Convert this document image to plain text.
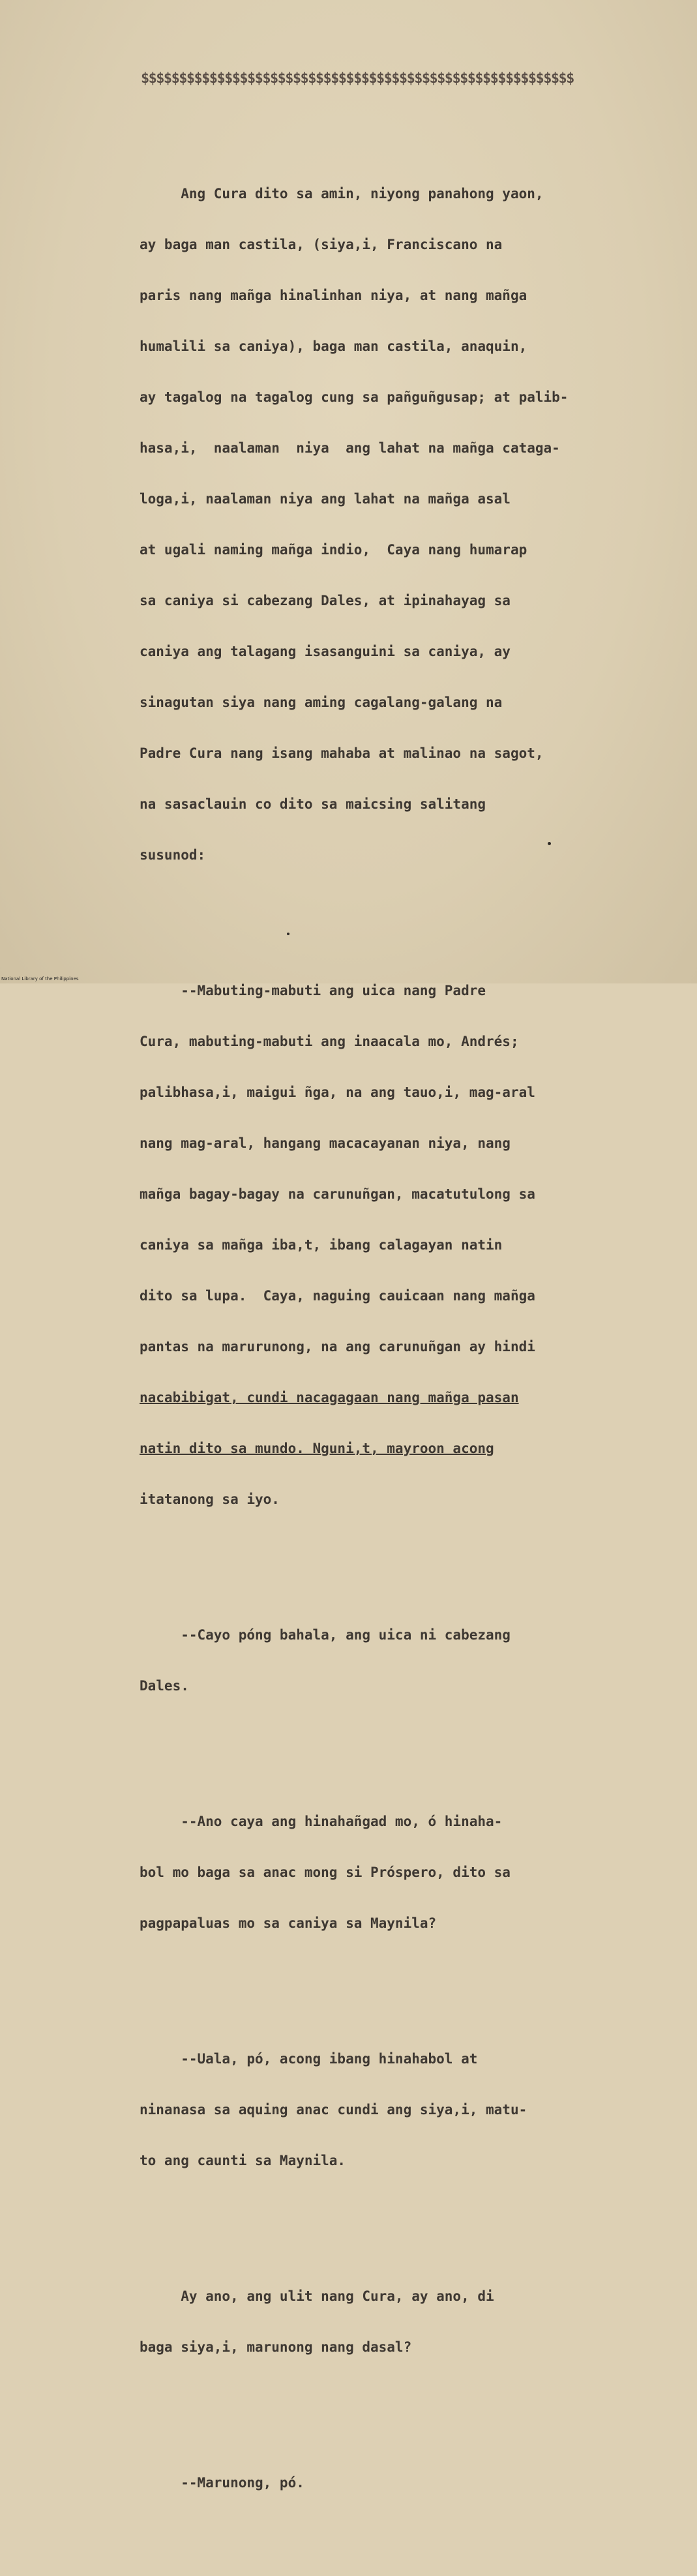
$$$$$$$$$$$$$$$$$$$$$$$$$$$$$$$$$$$$$$$$$$$$$$$$$$$$$$$$$

Ang Cura dito sa amin, niyong panahong yaon,

ay baga man castila, (siya,i, Franciscano na

paris nang mañga hinalinhan niya, at nang mañga

humalili sa caniya), baga man castila, anaquin,

ay tagalog na tagalog cung sa pañguñgusap; at palib-

hasa,i,  naalaman  niya  ang lahat na mañga cataga-

loga,i, naalaman niya ang lahat na mañga asal

at ugali naming mañga indio,  Caya nang humarap

sa caniya si cabezang Dales, at ipinahayag sa

caniya ang talagang isasanguini sa caniya, ay

sinagutan siya nang aming cagalang-galang na

Padre Cura nang isang mahaba at malinao na sagot,

na sasaclauin co dito sa maicsing salitang

susunod:

--Mabuting-mabuti ang uica nang Padre

Cura, mabuting-mabuti ang inaacala mo, Andrés;

palibhasa,i, maigui ñga, na ang tauo,i, mag-aral

nang mag-aral, hangang macacayanan niya, nang

mañga bagay-bagay na carunuñgan, macatutulong sa

caniya sa mañga iba,t, ibang calagayan natin

dito sa lupa.  Caya, naguing cauicaan nang mañga

pantas na marurunong, na ang carunuñgan ay hindi

nacabibigat, cundi nacagagaan nang mañga pasan

natin dito sa mundo. Nguni,t, mayroon acong

itatanong sa iyo.

--Cayo póng bahala, ang uica ni cabezang

Dales.

--Ano caya ang hinahañgad mo, ó hinaha-

bol mo baga sa anac mong si Próspero, dito sa

pagpapaluas mo sa caniya sa Maynila?

--Uala, pó, acong ibang hinahabol at

ninanasa sa aquing anac cundi ang siya,i, matu-

to ang caunti sa Maynila.

Ay ano, ang ulit nang Cura, ay ano, di

baga siya,i, marunong nang dasal?

--Marunong, pó.

National Library of the Philippines
